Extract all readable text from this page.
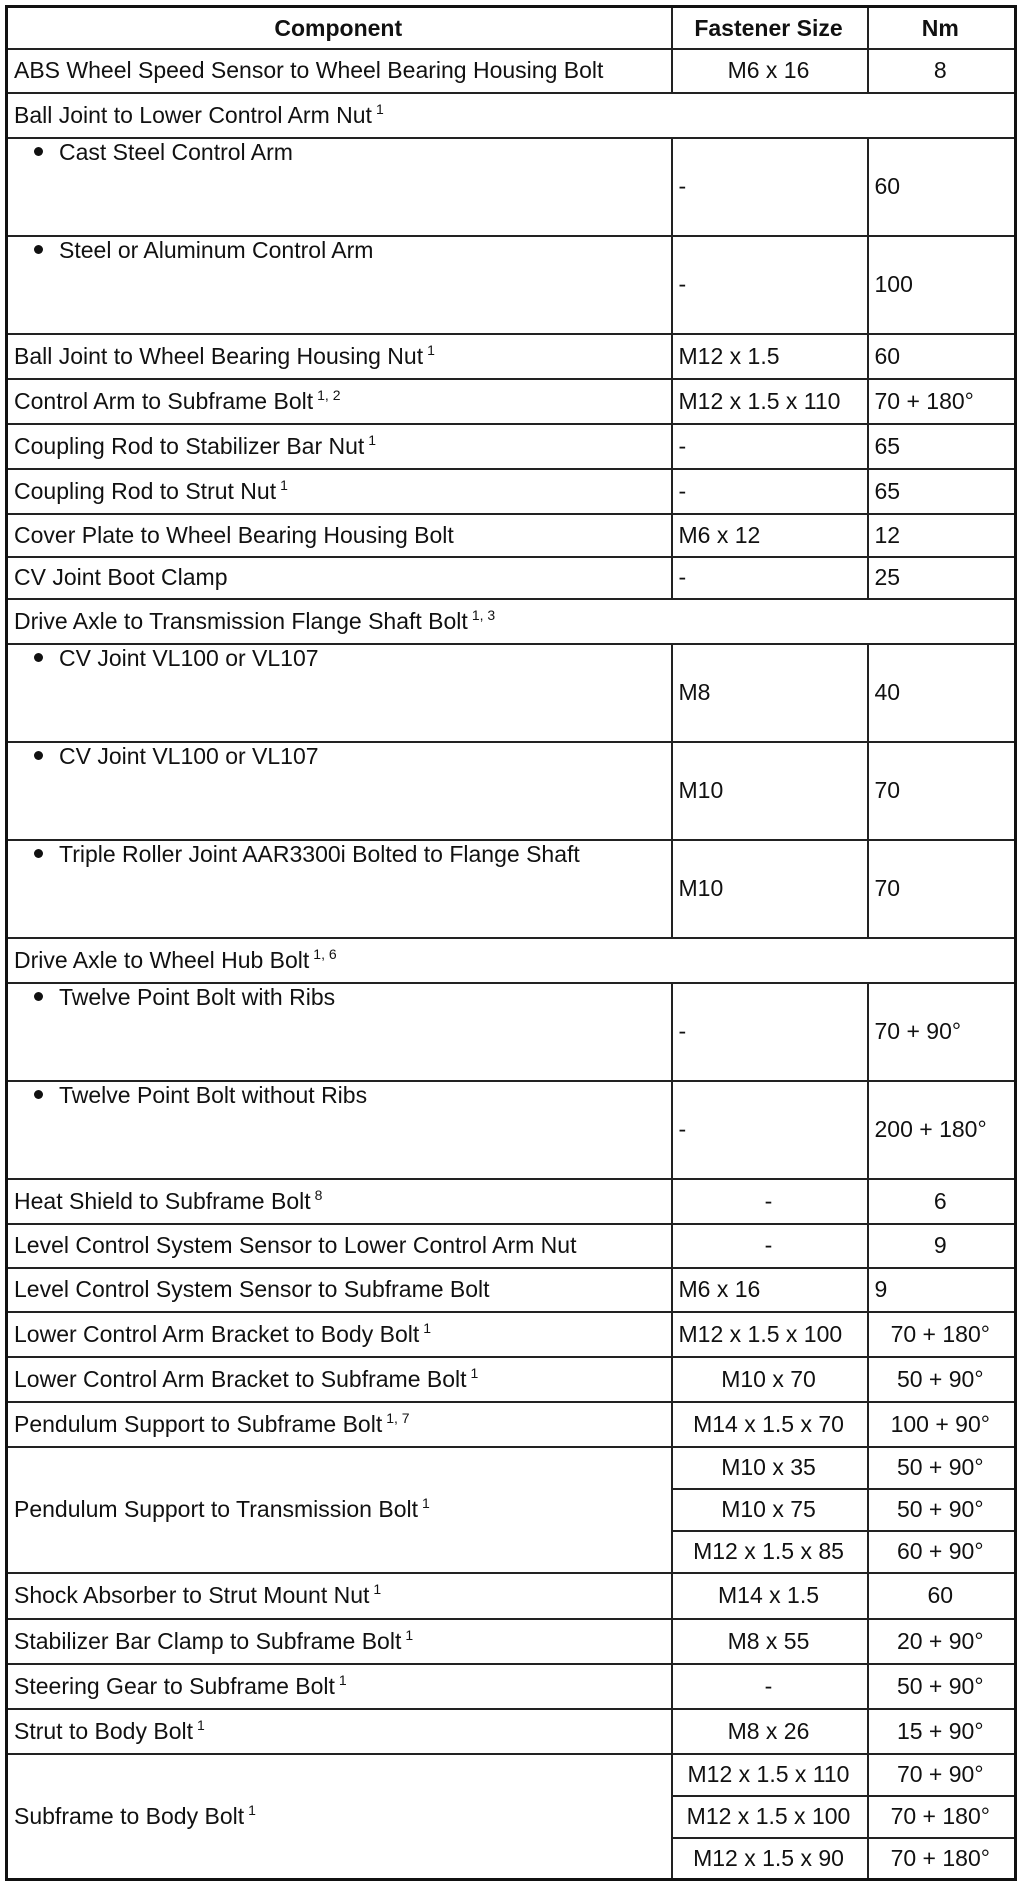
Component	Fastener Size	Nm
ABS Wheel Speed Sensor to Wheel Bearing Housing Bolt	M6 x 16	8
Ball Joint to Lower Control Arm Nut $^1$
Cast Steel Control Arm	-	60
Steel or Aluminum Control Arm	-	100
Ball Joint to Wheel Bearing Housing Nut $^1$	M12 x 1.5	60
Control Arm to Subframe Bolt $^{1, 2}$	M12 x 1.5 x 110	70 + 180°
Coupling Rod to Stabilizer Bar Nut $^1$	-	65
Coupling Rod to Strut Nut $^1$	-	65
Cover Plate to Wheel Bearing Housing Bolt	M6 x 12	12
CV Joint Boot Clamp	-	25
Drive Axle to Transmission Flange Shaft Bolt $^{1, 3}$
CV Joint VL100 or VL107	M8	40
CV Joint VL100 or VL107	M10	70
Triple Roller Joint AAR3300i Bolted to Flange Shaft	M10	70
Drive Axle to Wheel Hub Bolt $^{1, 6}$
Twelve Point Bolt with Ribs	-	70 + 90°
Twelve Point Bolt without Ribs	-	200 + 180°
Heat Shield to Subframe Bolt $^8$	-	6
Level Control System Sensor to Lower Control Arm Nut	-	9
Level Control System Sensor to Subframe Bolt	M6 x 16	9
Lower Control Arm Bracket to Body Bolt $^1$	M12 x 1.5 x 100	70 + 180°
Lower Control Arm Bracket to Subframe Bolt $^1$	M10 x 70	50 + 90°
Pendulum Support to Subframe Bolt $^{1, 7}$	M14 x 1.5 x 70	100 + 90°
Pendulum Support to Transmission Bolt $^1$	M10 x 35	50 + 90°
	M10 x 75	50 + 90°
	M12 x 1.5 x 85	60 + 90°
Shock Absorber to Strut Mount Nut $^1$	M14 x 1.5	60
Stabilizer Bar Clamp to Subframe Bolt $^1$	M8 x 55	20 + 90°
Steering Gear to Subframe Bolt $^1$	-	50 + 90°
Strut to Body Bolt $^1$	M8 x 26	15 + 90°
Subframe to Body Bolt $^1$	M12 x 1.5 x 110	70 + 90°
	M12 x 1.5 x 100	70 + 180°
	M12 x 1.5 x 90	70 + 180°
